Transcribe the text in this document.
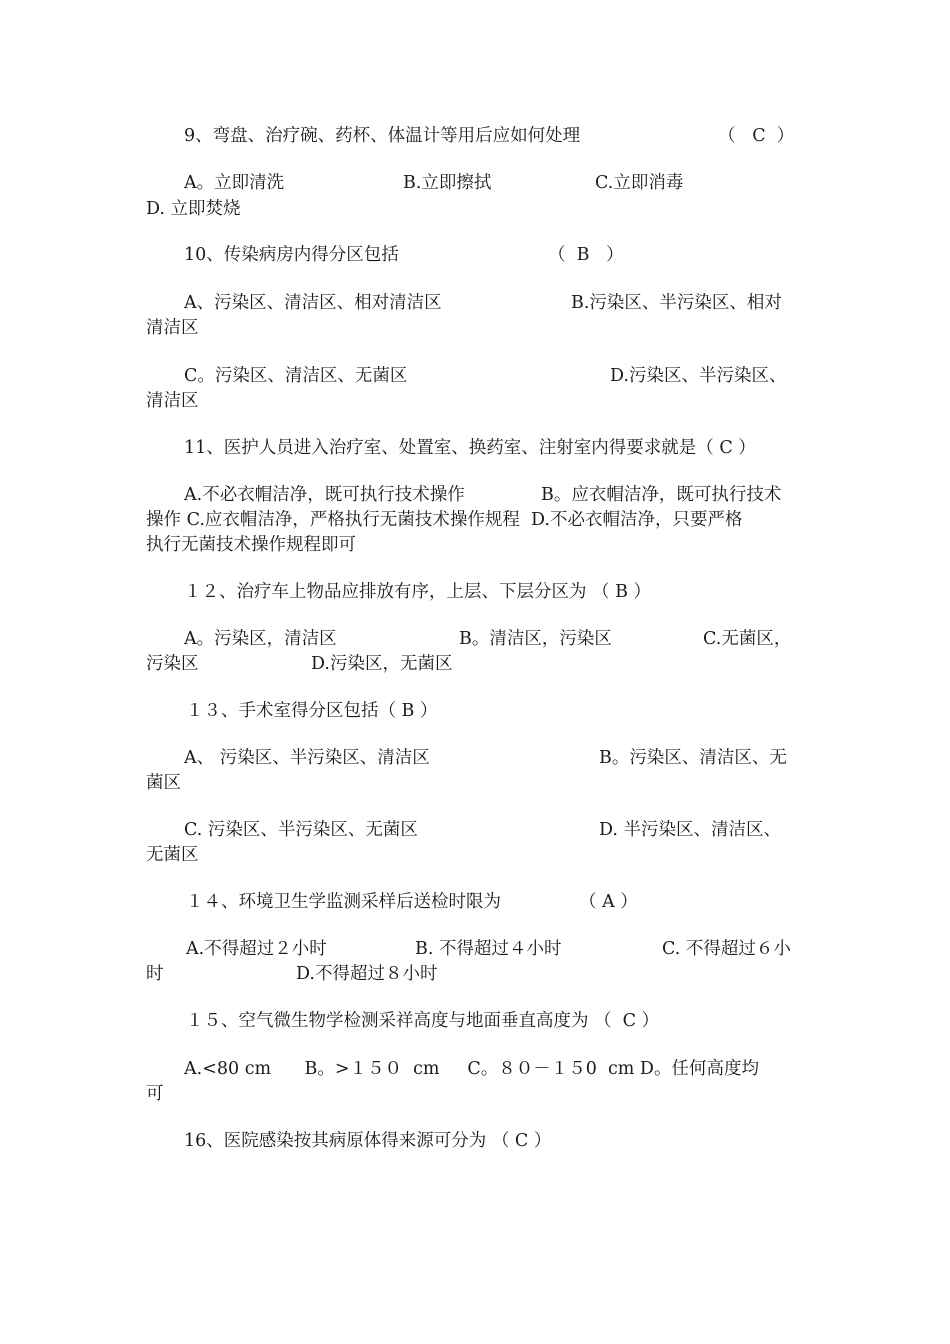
9、弯盘、治疗碗、药杯、体温计等用后应如何处理	（   C  ）
A。立即清洗	B.立即擦拭	C.立即消毒
D. 立即焚烧
10、传染病房内得分区包括	（  B   ）
A、污染区、清洁区、相对清洁区	B.污染区、半污染区、相对
清洁区
C。污染区、清洁区、无菌区	D.污染区、半污染区、
清洁区
11、医护人员进入治疗室、处置室、换药室、注射室内得要求就是（ C ）
A.不必衣帽洁净，既可执行技术操作	B。应衣帽洁净，既可执行技术
操作 C.应衣帽洁净，严格执行无菌技术操作规程  D.不必衣帽洁净，只要严格
执行无菌技术操作规程即可
１２、治疗车上物品应排放有序，上层、下层分区为 （ B ）
A。污染区，清洁区	B。清洁区，污染区	C.无菌区，
污染区	D.污染区，无菌区
１３、手术室得分区包括（ B ）
A、 污染区、半污染区、清洁区	B。污染区、清洁区、无
菌区
C. 污染区、半污染区、无菌区	D. 半污染区、清洁区、
无菌区
１４、环境卫生学监测采样后送检时限为	（ A ）
A.不得超过２小时	B. 不得超过４小时	C. 不得超过６小
时	D.不得超过８小时
１５、空气微生物学检测采祥高度与地面垂直高度为 （  C ）
A.<80 cm      B。>１５０  cm     C。８０－１５0  cm D。任何高度均
可
16、医院感染按其病原体得来源可分为 （ C ）
